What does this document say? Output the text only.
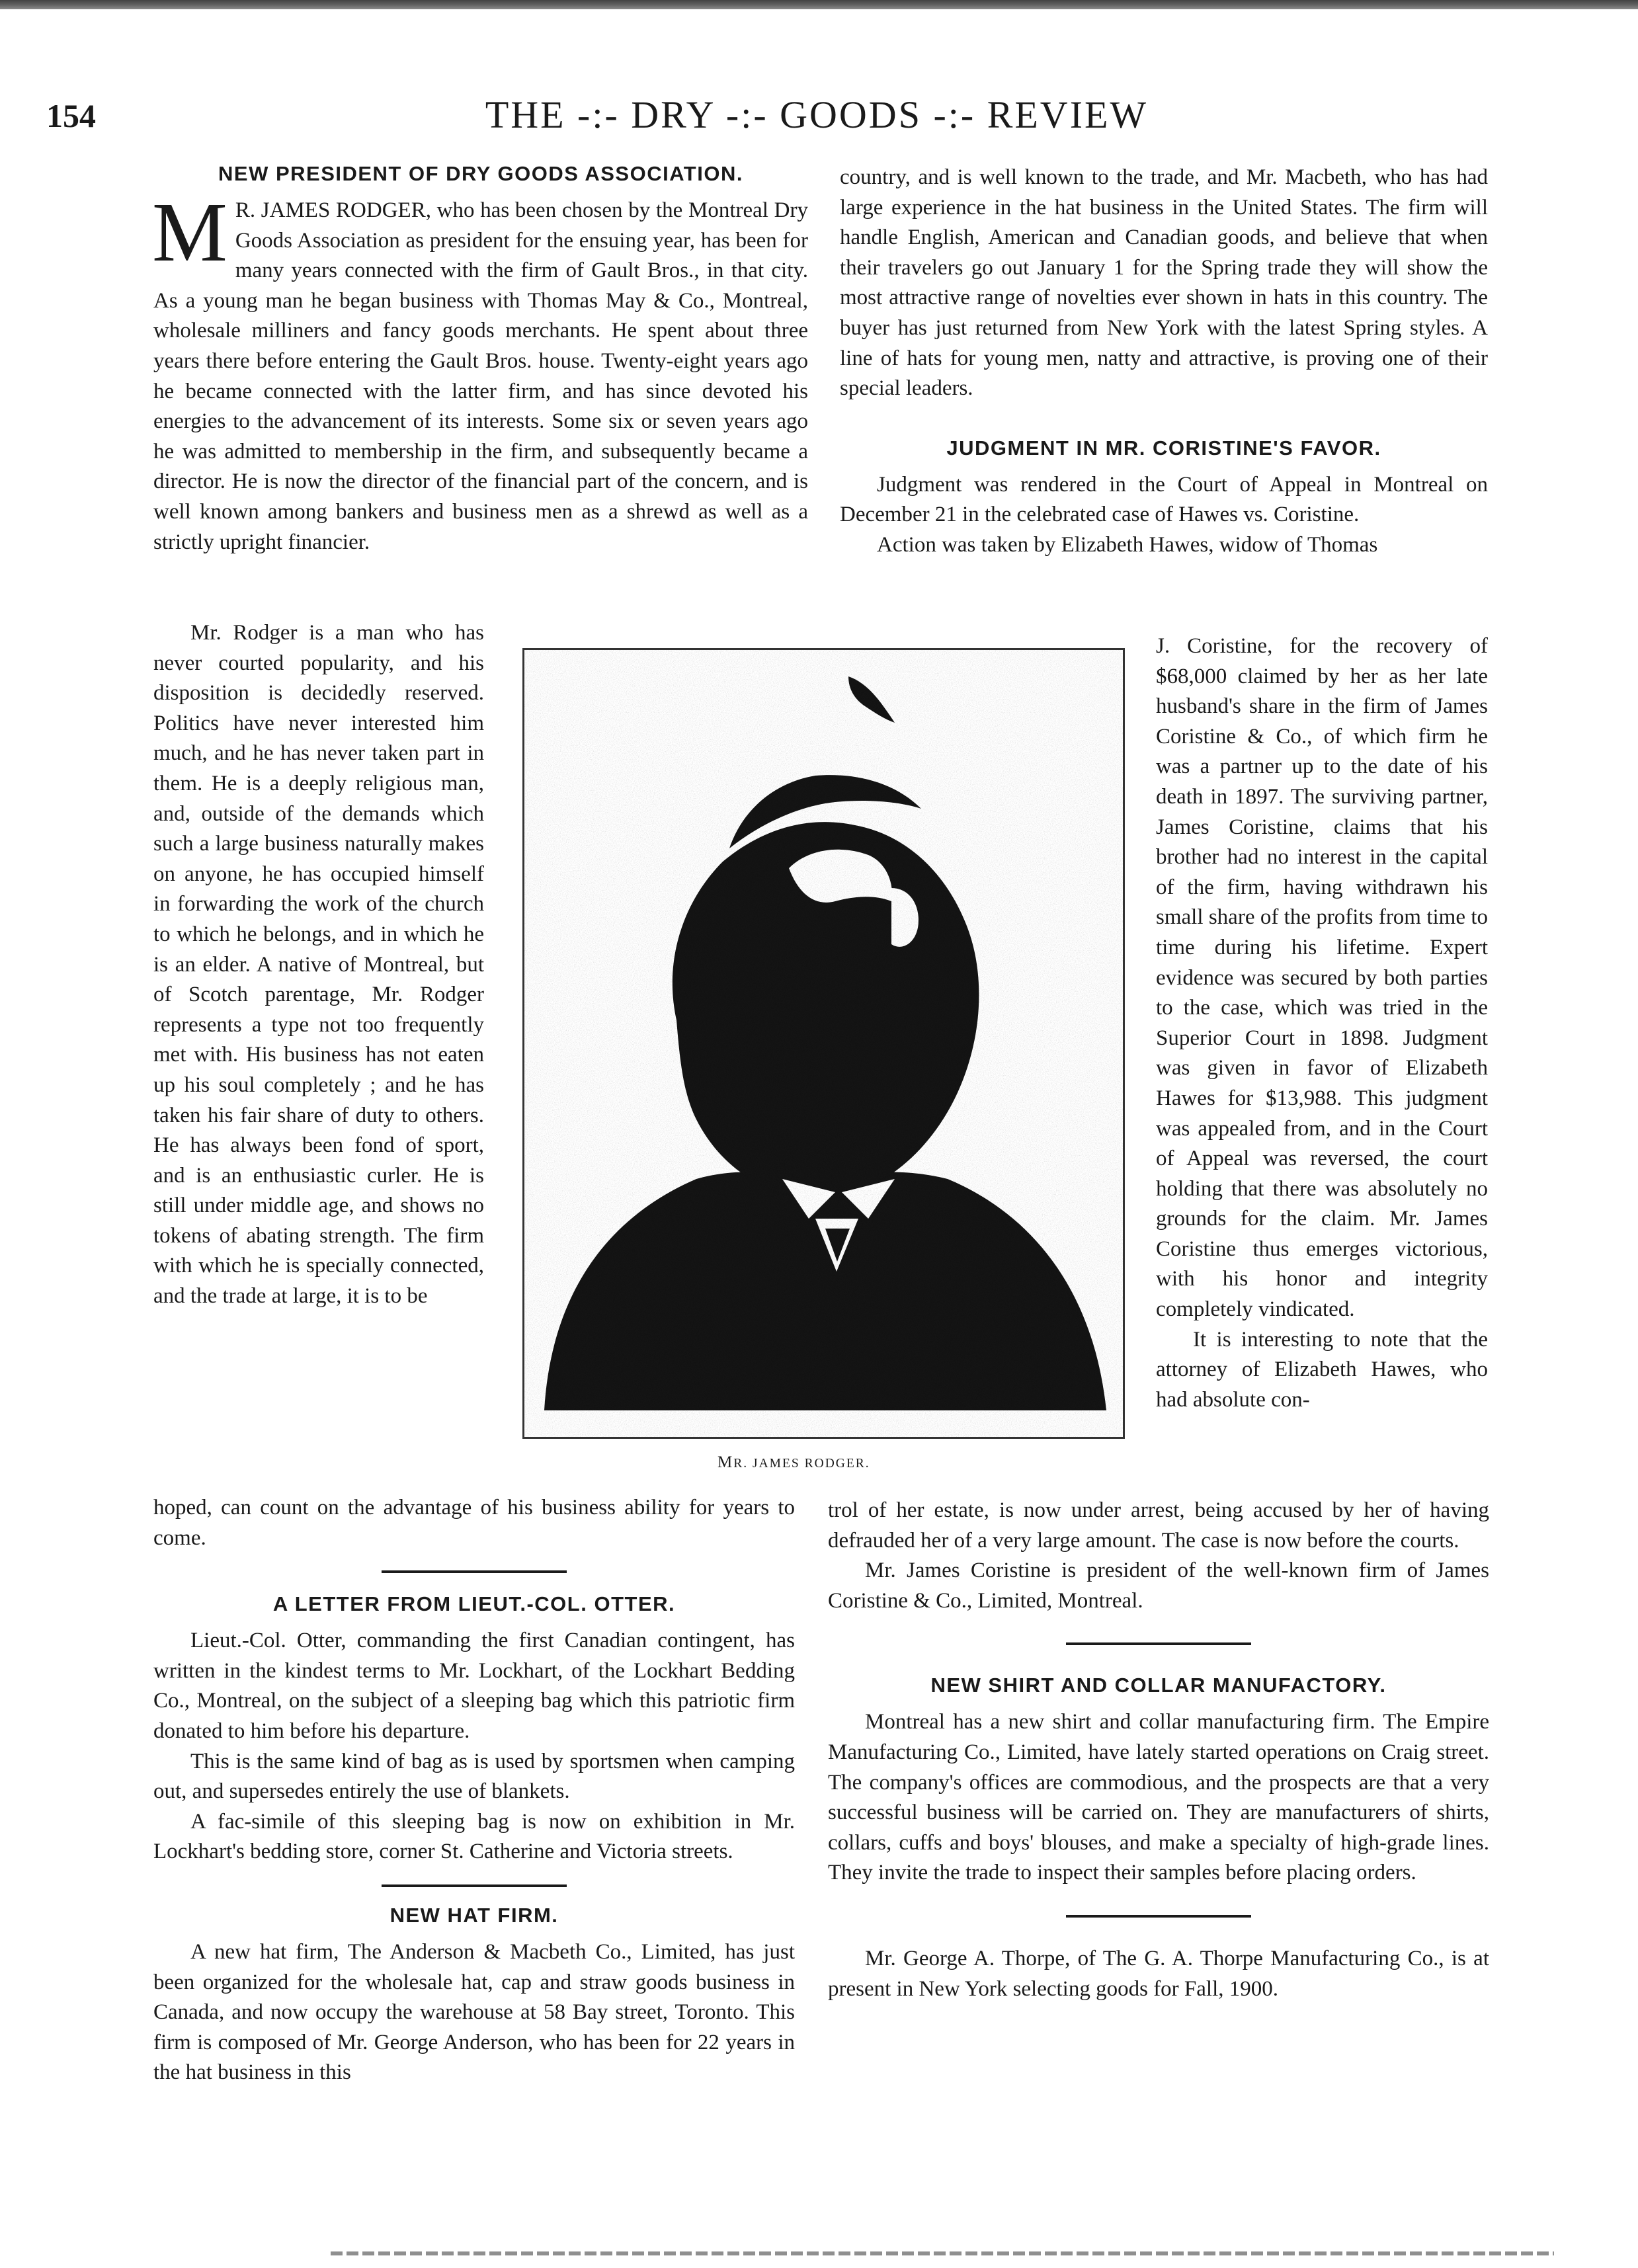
154	THE -:- DRY -:- GOODS -:- REVIEW
NEW PRESIDENT OF DRY GOODS ASSOCIATION.

M R. JAMES RODGER, who has been chosen by the Montreal Dry Goods Association as president for the ensuing year, has been for many years connected with the firm of Gault Bros., in that city. As a young man he began business with Thomas May & Co., Montreal, wholesale milliners and fancy goods merchants. He spent about three years there before entering the Gault Bros. house. Twenty-eight years ago he became connected with the latter firm, and has since devoted his energies to the advancement of its interests. Some six or seven years ago he was admitted to membership in the firm, and subsequently became a director. He is now the director of the financial part of the concern, and is well known among bankers and business men as a shrewd as well as a strictly upright financier.

Mr. Rodger is a man who has never courted popularity, and his disposition is decidedly reserved. Politics have never interested him much, and he has never taken part in them. He is a deeply religious man, and, outside of the demands which such a large business naturally makes on anyone, he has occupied himself in forwarding the work of the church to which he belongs, and in which he is an elder. A native of Montreal, but of Scotch parentage, Mr. Rodger represents a type not too frequently met with. His business has not eaten up his soul completely ; and he has taken his fair share of duty to others. He has always been fond of sport, and is an enthusiastic curler. He is still under middle age, and shows no tokens of abating strength. The firm with which he is specially connected, and the trade at large, it is to be

hoped, can count on the advantage of his business ability for years to come.

A LETTER FROM LIEUT.-COL. OTTER.

Lieut.-Col. Otter, commanding the first Canadian contingent, has written in the kindest terms to Mr. Lockhart, of the Lockhart Bedding Co., Montreal, on the subject of a sleeping bag which this patriotic firm donated to him before his departure.

This is the same kind of bag as is used by sportsmen when camping out, and supersedes entirely the use of blankets.

A fac-simile of this sleeping bag is now on exhibition in Mr. Lockhart's bedding store, corner St. Catherine and Victoria streets.

NEW HAT FIRM.

A new hat firm, The Anderson & Macbeth Co., Limited, has just been organized for the wholesale hat, cap and straw goods business in Canada, and now occupy the warehouse at 58 Bay street, Toronto. This firm is composed of Mr. George Anderson, who has been for 22 years in the hat business in this

country, and is well known to the trade, and Mr. Macbeth, who has had large experience in the hat business in the United States. The firm will handle English, American and Canadian goods, and believe that when their travelers go out January 1 for the Spring trade they will show the most attractive range of novelties ever shown in hats in this country. The buyer has just returned from New York with the latest Spring styles. A line of hats for young men, natty and attractive, is proving one of their special leaders.

JUDGMENT IN MR. CORISTINE'S FAVOR.

Judgment was rendered in the Court of Appeal in Montreal on December 21 in the celebrated case of Hawes vs. Coristine.

Action was taken by Elizabeth Hawes, widow of Thomas

J. Coristine, for the recovery of $68,000 claimed by her as her late husband's share in the firm of James Coristine & Co., of which firm he was a partner up to the date of his death in 1897. The surviving partner, James Coristine, claims that his brother had no interest in the capital of the firm, having withdrawn his small share of the profits from time to time during his lifetime. Expert evidence was secured by both parties to the case, which was tried in the Superior Court in 1898. Judgment was given in favor of Elizabeth Hawes for $13,988. This judgment was appealed from, and in the Court of Appeal was reversed, the court holding that there was absolutely no grounds for the claim. Mr. James Coristine thus emerges victorious, with his honor and integrity completely vindicated.

It is interesting to note that the attorney of Elizabeth Hawes, who had absolute con-

trol of her estate, is now under arrest, being accused by her of having defrauded her of a very large amount. The case is now before the courts.

Mr. James Coristine is president of the well-known firm of James Coristine & Co., Limited, Montreal.

NEW SHIRT AND COLLAR MANUFACTORY.

Montreal has a new shirt and collar manufacturing firm. The Empire Manufacturing Co., Limited, have lately started operations on Craig street. The company's offices are commodious, and the prospects are that a very successful business will be carried on. They are manufacturers of shirts, collars, cuffs and boys' blouses, and make a specialty of high-grade lines. They invite the trade to inspect their samples before placing orders.

Mr. George A. Thorpe, of The G. A. Thorpe Manufacturing Co., is at present in New York selecting goods for Fall, 1900.

MR. JAMES RODGER.
